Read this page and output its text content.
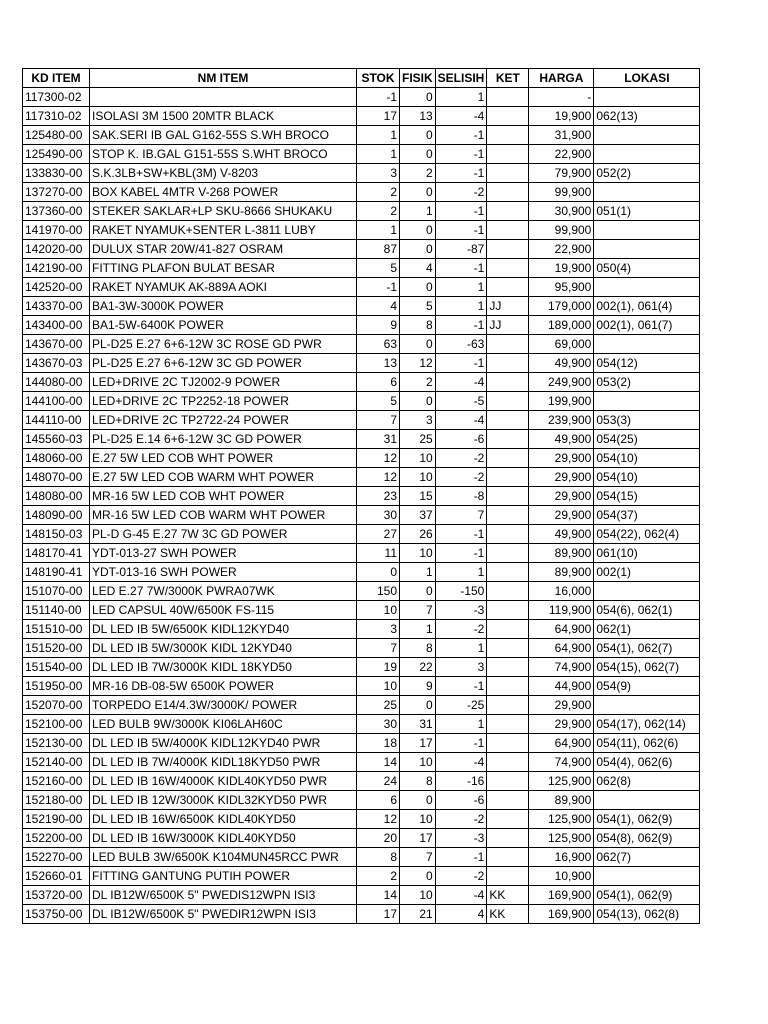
KD ITEM	NM ITEM	STOK	FISIK	SELISIH	KET	HARGA	LOKASI
117300-02		-1	0	1		-	
117310-02	ISOLASI 3M 1500 20MTR BLACK	17	13	-4		19,900	062(13)
125480-00	SAK.SERI IB GAL G162-55S S.WH BROCO	1	0	-1		31,900	
125490-00	STOP K. IB.GAL G151-55S S.WHT BROCO	1	0	-1		22,900	
133830-00	S.K.3LB+SW+KBL(3M) V-8203	3	2	-1		79,900	052(2)
137270-00	BOX KABEL 4MTR V-268 POWER	2	0	-2		99,900	
137360-00	STEKER SAKLAR+LP SKU-8666 SHUKAKU	2	1	-1		30,900	051(1)
141970-00	RAKET NYAMUK+SENTER L-3811 LUBY	1	0	-1		99,900	
142020-00	DULUX STAR 20W/41-827 OSRAM	87	0	-87		22,900	
142190-00	FITTING PLAFON BULAT BESAR	5	4	-1		19,900	050(4)
142520-00	RAKET NYAMUK AK-889A AOKI	-1	0	1		95,900	
143370-00	BA1-3W-3000K POWER	4	5	1	JJ	179,000	002(1), 061(4)
143400-00	BA1-5W-6400K POWER	9	8	-1	JJ	189,000	002(1), 061(7)
143670-00	PL-D25 E.27 6+6-12W 3C ROSE GD PWR	63	0	-63		69,000	
143670-03	PL-D25 E.27 6+6-12W 3C GD POWER	13	12	-1		49,900	054(12)
144080-00	LED+DRIVE 2C TJ2002-9 POWER	6	2	-4		249,900	053(2)
144100-00	LED+DRIVE 2C TP2252-18 POWER	5	0	-5		199,900	
144110-00	LED+DRIVE 2C TP2722-24 POWER	7	3	-4		239,900	053(3)
145560-03	PL-D25 E.14 6+6-12W 3C GD POWER	31	25	-6		49,900	054(25)
148060-00	E.27 5W LED COB WHT POWER	12	10	-2		29,900	054(10)
148070-00	E.27 5W LED COB WARM WHT POWER	12	10	-2		29,900	054(10)
148080-00	MR-16 5W LED COB WHT POWER	23	15	-8		29,900	054(15)
148090-00	MR-16 5W LED COB WARM WHT POWER	30	37	7		29,900	054(37)
148150-03	PL-D G-45 E.27 7W 3C GD POWER	27	26	-1		49,900	054(22), 062(4)
148170-41	YDT-013-27 SWH POWER	11	10	-1		89,900	061(10)
148190-41	YDT-013-16 SWH POWER	0	1	1		89,900	002(1)
151070-00	LED E.27 7W/3000K PWRA07WK	150	0	-150		16,000	
151140-00	LED CAPSUL 40W/6500K FS-115	10	7	-3		119,900	054(6), 062(1)
151510-00	DL LED IB 5W/6500K KIDL12KYD40	3	1	-2		64,900	062(1)
151520-00	DL LED IB 5W/3000K KIDL 12KYD40	7	8	1		64,900	054(1), 062(7)
151540-00	DL LED IB 7W/3000K KIDL 18KYD50	19	22	3		74,900	054(15), 062(7)
151950-00	MR-16 DB-08-5W 6500K POWER	10	9	-1		44,900	054(9)
152070-00	TORPEDO E14/4.3W/3000K/ POWER	25	0	-25		29,900	
152100-00	LED BULB 9W/3000K KI06LAH60C	30	31	1		29,900	054(17), 062(14)
152130-00	DL LED IB 5W/4000K KIDL12KYD40 PWR	18	17	-1		64,900	054(11), 062(6)
152140-00	DL LED IB 7W/4000K KIDL18KYD50 PWR	14	10	-4		74,900	054(4), 062(6)
152160-00	DL LED IB 16W/4000K KIDL40KYD50 PWR	24	8	-16		125,900	062(8)
152180-00	DL LED IB 12W/3000K KIDL32KYD50 PWR	6	0	-6		89,900	
152190-00	DL LED IB 16W/6500K KIDL40KYD50	12	10	-2		125,900	054(1), 062(9)
152200-00	DL LED IB 16W/3000K KIDL40KYD50	20	17	-3		125,900	054(8), 062(9)
152270-00	LED BULB 3W/6500K K104MUN45RCC PWR	8	7	-1		16,900	062(7)
152660-01	FITTING GANTUNG PUTIH POWER	2	0	-2		10,900	
153720-00	DL IB12W/6500K 5" PWEDIS12WPN ISI3	14	10	-4	KK	169,900	054(1), 062(9)
153750-00	DL IB12W/6500K 5" PWEDIR12WPN ISI3	17	21	4	KK	169,900	054(13), 062(8)
